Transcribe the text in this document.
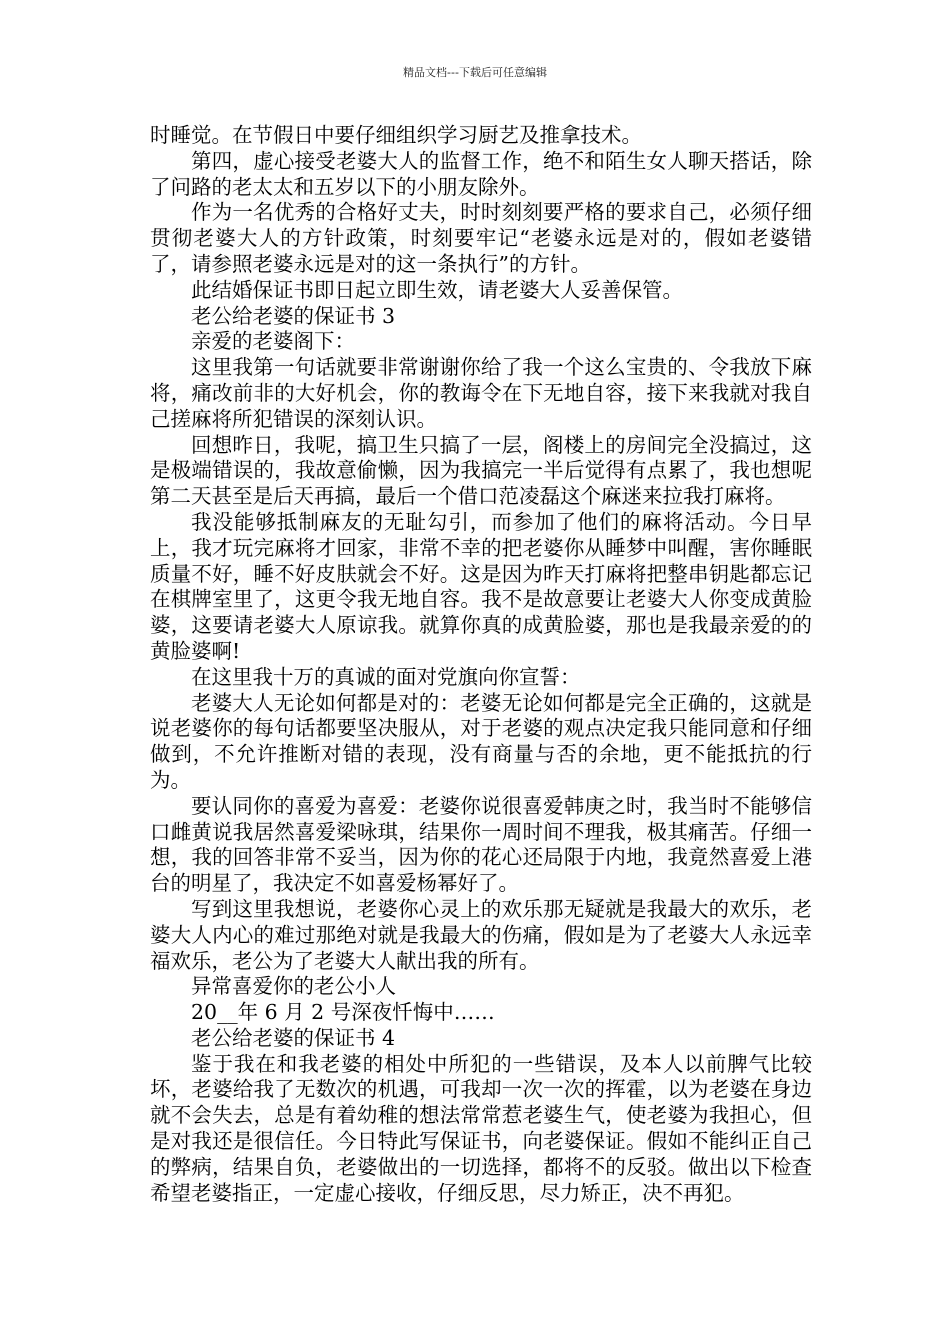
精品文档---下载后可任意编辑

时睡觉。在节假日中要仔细组织学习厨艺及推拿技术。

第四，虚心接受老婆大人的监督工作，绝不和陌生女人聊天搭话，除了问路的老太太和五岁以下的小朋友除外。

作为一名优秀的合格好丈夫，时时刻刻要严格的要求自己，必须仔细贯彻老婆大人的方针政策，时刻要牢记“老婆永远是对的，假如老婆错了，请参照老婆永远是对的这一条执行”的方针。

此结婚保证书即日起立即生效，请老婆大人妥善保管。

老公给老婆的保证书 3

亲爱的老婆阁下：

这里我第一句话就要非常谢谢你给了我一个这么宝贵的、令我放下麻将，痛改前非的大好机会，你的教诲令在下无地自容，接下来我就对我自己搓麻将所犯错误的深刻认识。

回想昨日，我呢，搞卫生只搞了一层，阁楼上的房间完全没搞过，这是极端错误的，我故意偷懒，因为我搞完一半后觉得有点累了，我也想呢第二天甚至是后天再搞，最后一个借口范凌磊这个麻迷来拉我打麻将。

我没能够抵制麻友的无耻勾引，而参加了他们的麻将活动。今日早上，我才玩完麻将才回家，非常不幸的把老婆你从睡梦中叫醒，害你睡眠质量不好，睡不好皮肤就会不好。这是因为昨天打麻将把整串钥匙都忘记在棋牌室里了，这更令我无地自容。我不是故意要让老婆大人你变成黄脸婆，这要请老婆大人原谅我。就算你真的成黄脸婆，那也是我最亲爱的的黄脸婆啊!

在这里我十万的真诚的面对党旗向你宣誓：

老婆大人无论如何都是对的：老婆无论如何都是完全正确的，这就是说老婆你的每句话都要坚决服从，对于老婆的观点决定我只能同意和仔细做到，不允许推断对错的表现，没有商量与否的余地，更不能抵抗的行为。

要认同你的喜爱为喜爱：老婆你说很喜爱韩庚之时，我当时不能够信口雌黄说我居然喜爱梁咏琪，结果你一周时间不理我，极其痛苦。仔细一想，我的回答非常不妥当，因为你的花心还局限于内地，我竟然喜爱上港台的明星了，我决定不如喜爱杨幂好了。

写到这里我想说，老婆你心灵上的欢乐那无疑就是我最大的欢乐，老婆大人内心的难过那绝对就是我最大的伤痛，假如是为了老婆大人永远幸福欢乐，老公为了老婆大人献出我的所有。

异常喜爱你的老公小人

20__年 6 月 2 号深夜忏悔中……

老公给老婆的保证书 4

鉴于我在和我老婆的相处中所犯的一些错误，及本人以前脾气比较坏，老婆给我了无数次的机遇，可我却一次一次的挥霍，以为老婆在身边就不会失去，总是有着幼稚的想法常常惹老婆生气，使老婆为我担心，但是对我还是很信任。今日特此写保证书，向老婆保证。假如不能纠正自己的弊病，结果自负，老婆做出的一切选择，都将不的反驳。做出以下检查希望老婆指正，一定虚心接收，仔细反思，尽力矫正，决不再犯。
